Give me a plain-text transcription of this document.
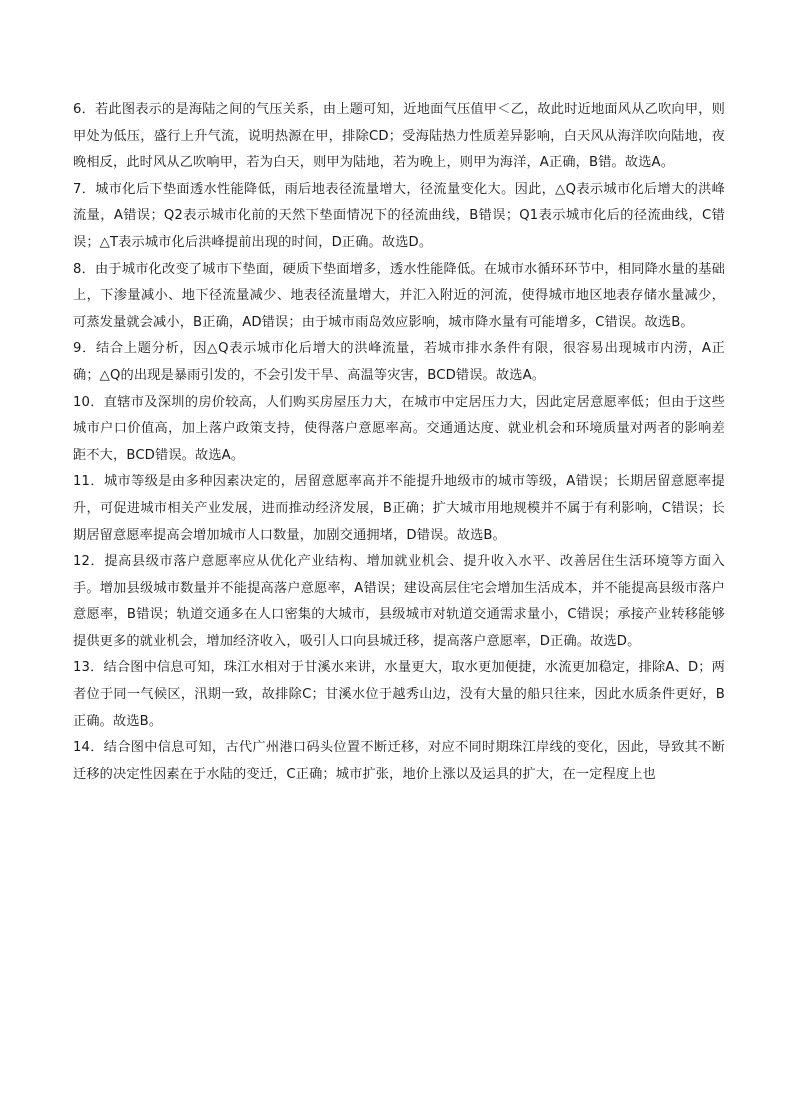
6．若此图表示的是海陆之间的气压关系，由上题可知，近地面气压值甲＜乙，故此时近地面风从乙吹向甲，则甲处为低压，盛行上升气流，说明热源在甲，排除CD；受海陆热力性质差异影响，白天风从海洋吹向陆地，夜晚相反，此时风从乙吹响甲，若为白天，则甲为陆地，若为晚上，则甲为海洋，A正确，B错。故选A。

7．城市化后下垫面透水性能降低，雨后地表径流量增大，径流量变化大。因此，△Q表示城市化后增大的洪峰流量，A错误；Q2表示城市化前的天然下垫面情况下的径流曲线，B错误；Q1表示城市化后的径流曲线，C错误；△T表示城市化后洪峰提前出现的时间，D正确。故选D。

8．由于城市化改变了城市下垫面，硬质下垫面增多，透水性能降低。在城市水循环环节中，相同降水量的基础上，下渗量减小、地下径流量减少、地表径流量增大，并汇入附近的河流，使得城市地区地表存储水量减少，可蒸发量就会减小，B正确，AD错误；由于城市雨岛效应影响，城市降水量有可能增多，C错误。故选B。

9．结合上题分析，因△Q表示城市化后增大的洪峰流量，若城市排水条件有限，很容易出现城市内涝，A正确；△Q的出现是暴雨引发的，不会引发干旱、高温等灾害，BCD错误。故选A。

10．直辖市及深圳的房价较高，人们购买房屋压力大，在城市中定居压力大，因此定居意愿率低；但由于这些城市户口价值高，加上落户政策支持，使得落户意愿率高。交通通达度、就业机会和环境质量对两者的影响差距不大，BCD错误。故选A。

11．城市等级是由多种因素决定的，居留意愿率高并不能提升地级市的城市等级，A错误；长期居留意愿率提升，可促进城市相关产业发展，进而推动经济发展，B正确；扩大城市用地规模并不属于有利影响，C错误；长期居留意愿率提高会增加城市人口数量，加剧交通拥堵，D错误。故选B。

12．提高县级市落户意愿率应从优化产业结构、增加就业机会、提升收入水平、改善居住生活环境等方面入手。增加县级城市数量并不能提高落户意愿率，A错误；建设高层住宅会增加生活成本，并不能提高县级市落户意愿率，B错误；轨道交通多在人口密集的大城市，县级城市对轨道交通需求量小，C错误；承接产业转移能够提供更多的就业机会，增加经济收入，吸引人口向县城迁移，提高落户意愿率，D正确。故选D。

13．结合图中信息可知，珠江水相对于甘溪水来讲，水量更大，取水更加便捷，水流更加稳定，排除A、D；两者位于同一气候区，汛期一致，故排除C；甘溪水位于越秀山边，没有大量的船只往来，因此水质条件更好，B正确。故选B。

14．结合图中信息可知，古代广州港口码头位置不断迁移，对应不同时期珠江岸线的变化，因此，导致其不断迁移的决定性因素在于水陆的变迁，C正确；城市扩张，地价上涨以及运具的扩大，在一定程度上也
